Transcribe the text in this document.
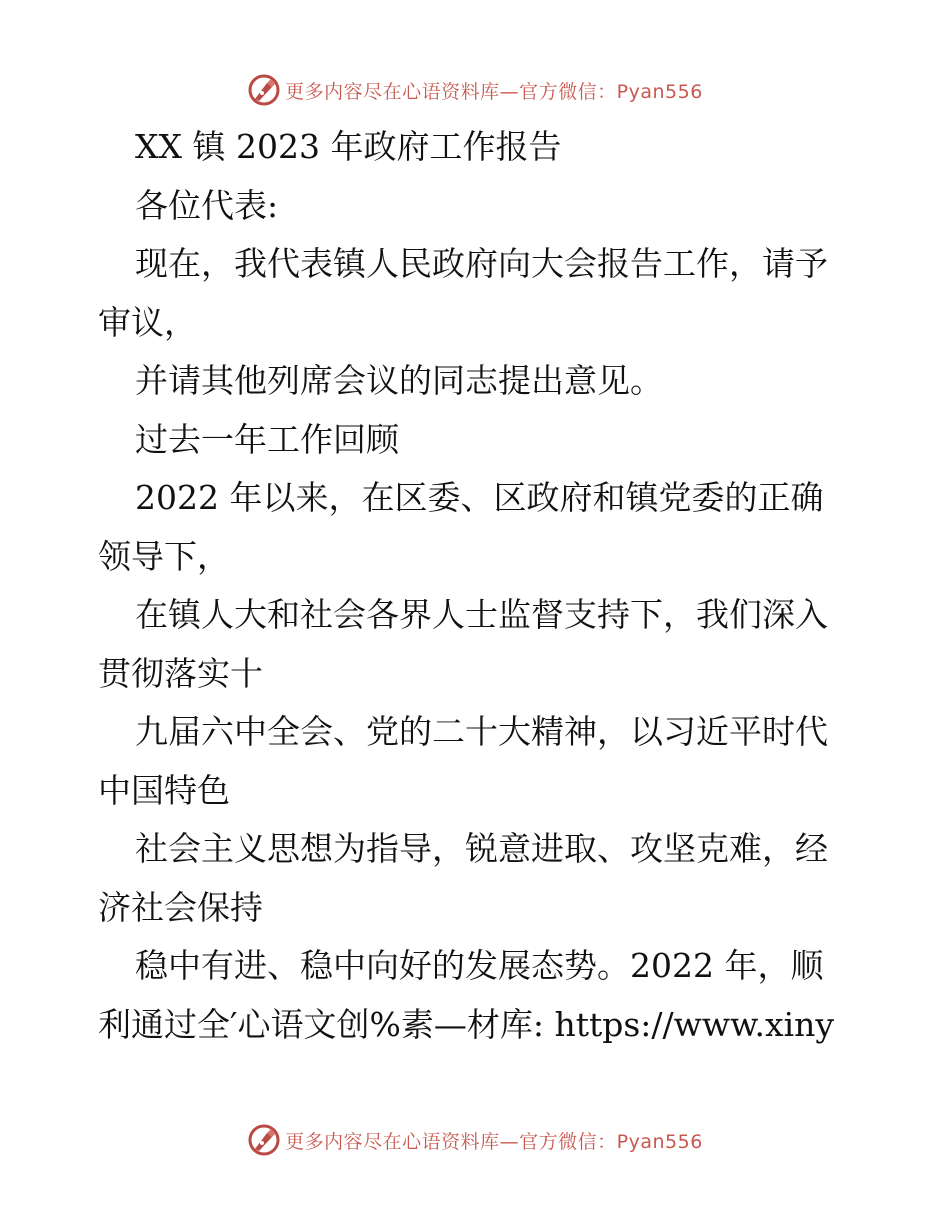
更多内容尽在心语资料库—官方微信：Pyan556
XX 镇 2023 年政府工作报告
各位代表:
现在，我代表镇人民政府向大会报告工作，请予
审议，
并请其他列席会议的同志提出意见。
过去一年工作回顾
2022 年以来，在区委、区政府和镇党委的正确
领导下，
在镇人大和社会各界人士监督支持下，我们深入
贯彻落实十
九届六中全会、党的二十大精神，以习近平时代
中国特色
社会主义思想为指导，锐意进取、攻坚克难，经
济社会保持
稳中有进、稳中向好的发展态势。2022 年，顺
利通过全′心语文创%素—材库: https://www.xiny
更多内容尽在心语资料库—官方微信：Pyan556
